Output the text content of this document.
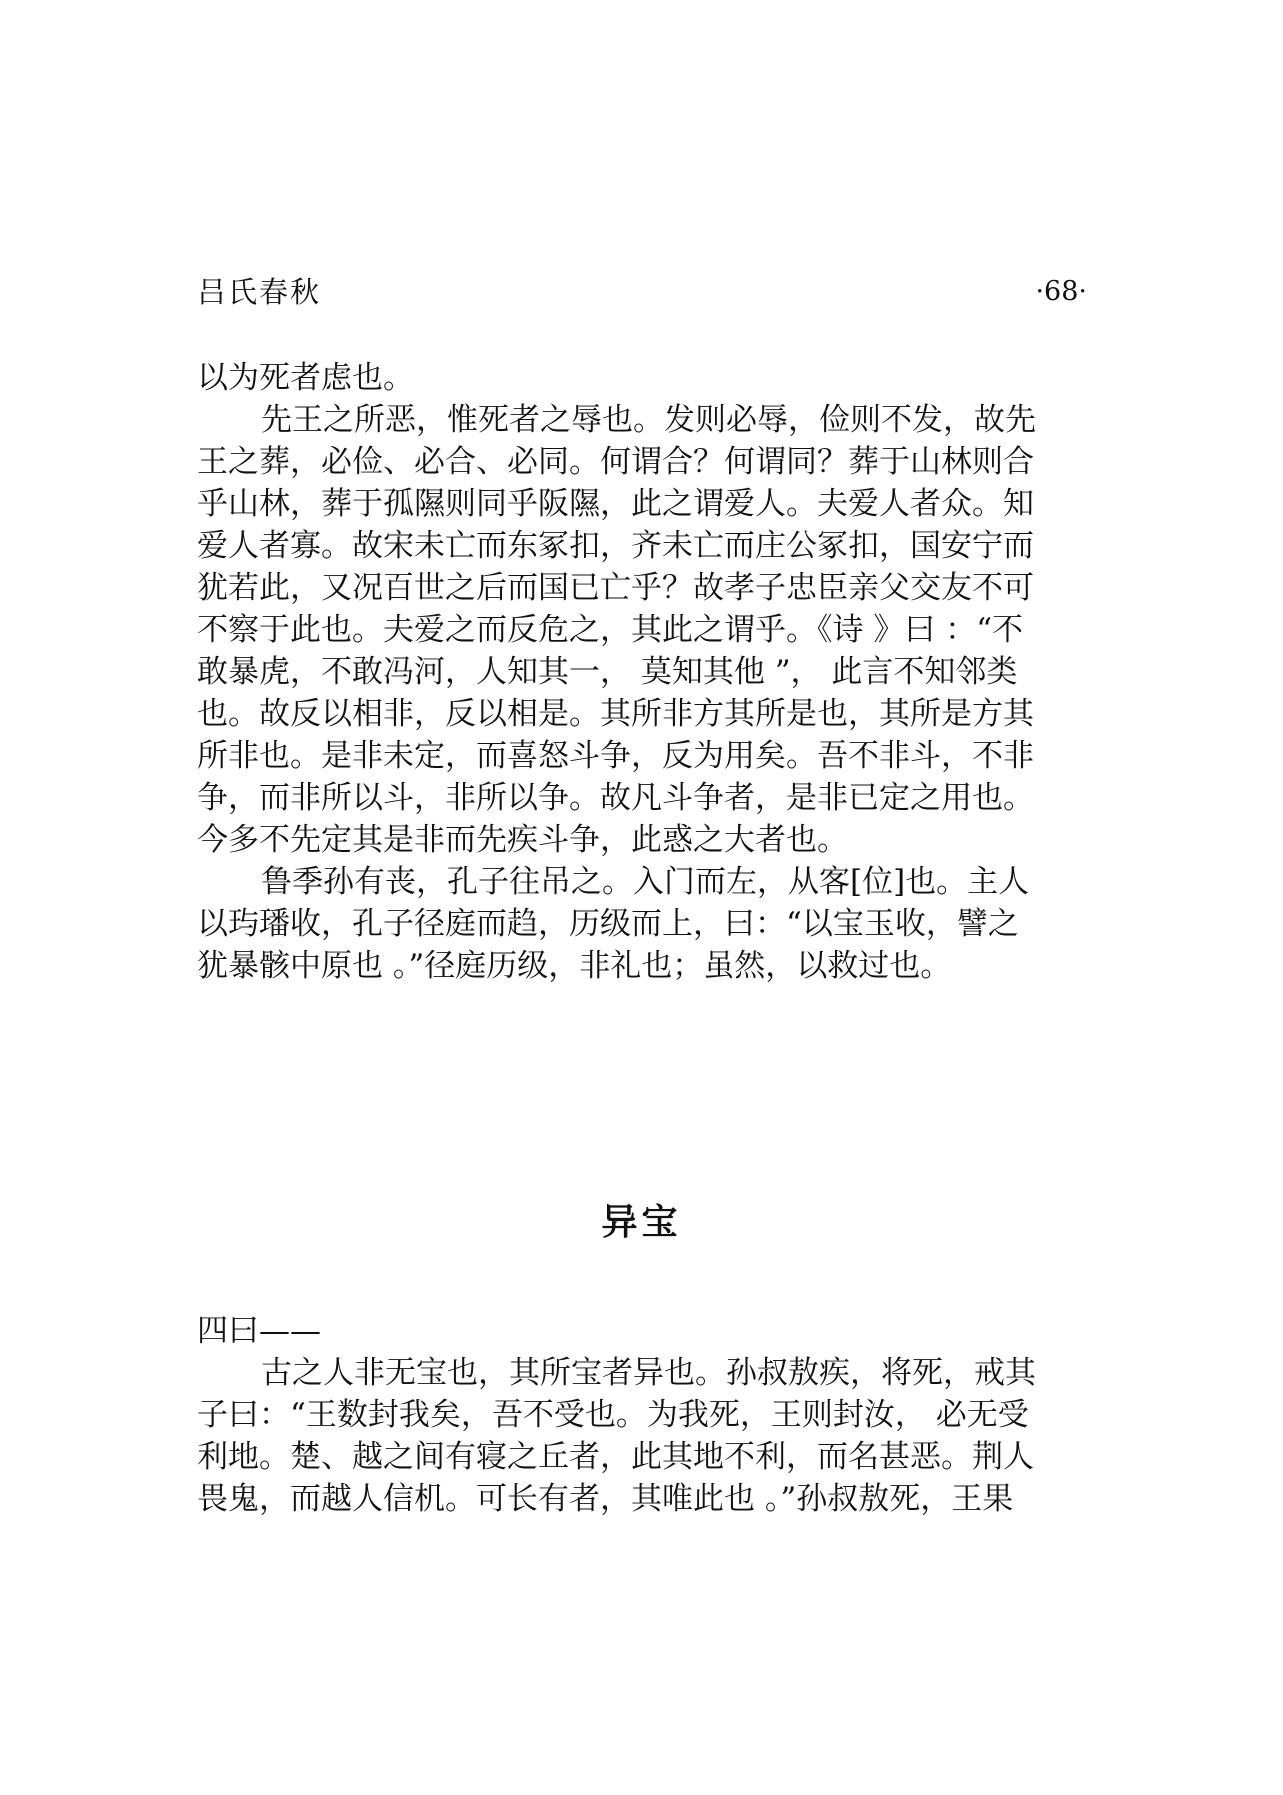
吕氏春秋	·68·
以为死者虑也。
先王之所恶，惟死者之辱也。发则必辱，俭则不发，故先
王之葬，必俭、必合、必同。何谓合？何谓同？葬于山林则合
乎山林，葬于孤隰则同乎阪隰，此之谓爱人。夫爱人者众。知
爱人者寡。故宋未亡而东冢扣，齐未亡而庄公冢扣，国安宁而
犹若此，又况百世之后而国已亡乎？故孝子忠臣亲父交友不可
不察于此也。夫爱之而反危之，其此之谓乎。《诗 》曰 ：“不
敢暴虎，不敢冯河，人知其一， 莫知其他 ”， 此言不知邻类
也。故反以相非，反以相是。其所非方其所是也，其所是方其
所非也。是非未定，而喜怒斗争，反为用矣。吾不非斗，不非
争，而非所以斗，非所以争。故凡斗争者，是非已定之用也。
今多不先定其是非而先疾斗争，此惑之大者也。
鲁季孙有丧，孔子往吊之。入门而左，从客[位]也。主人
以玙璠收，孔子径庭而趋，历级而上，曰：“以宝玉收，譬之
犹暴骸中原也 。”径庭历级，非礼也；虽然，以救过也。
异宝
四曰——
古之人非无宝也，其所宝者异也。孙叔敖疾，将死，戒其
子曰：“王数封我矣，吾不受也。为我死，王则封汝， 必无受
利地。楚、越之间有寝之丘者，此其地不利，而名甚恶。荆人
畏鬼，而越人信机。可长有者，其唯此也 。”孙叔敖死，王果
